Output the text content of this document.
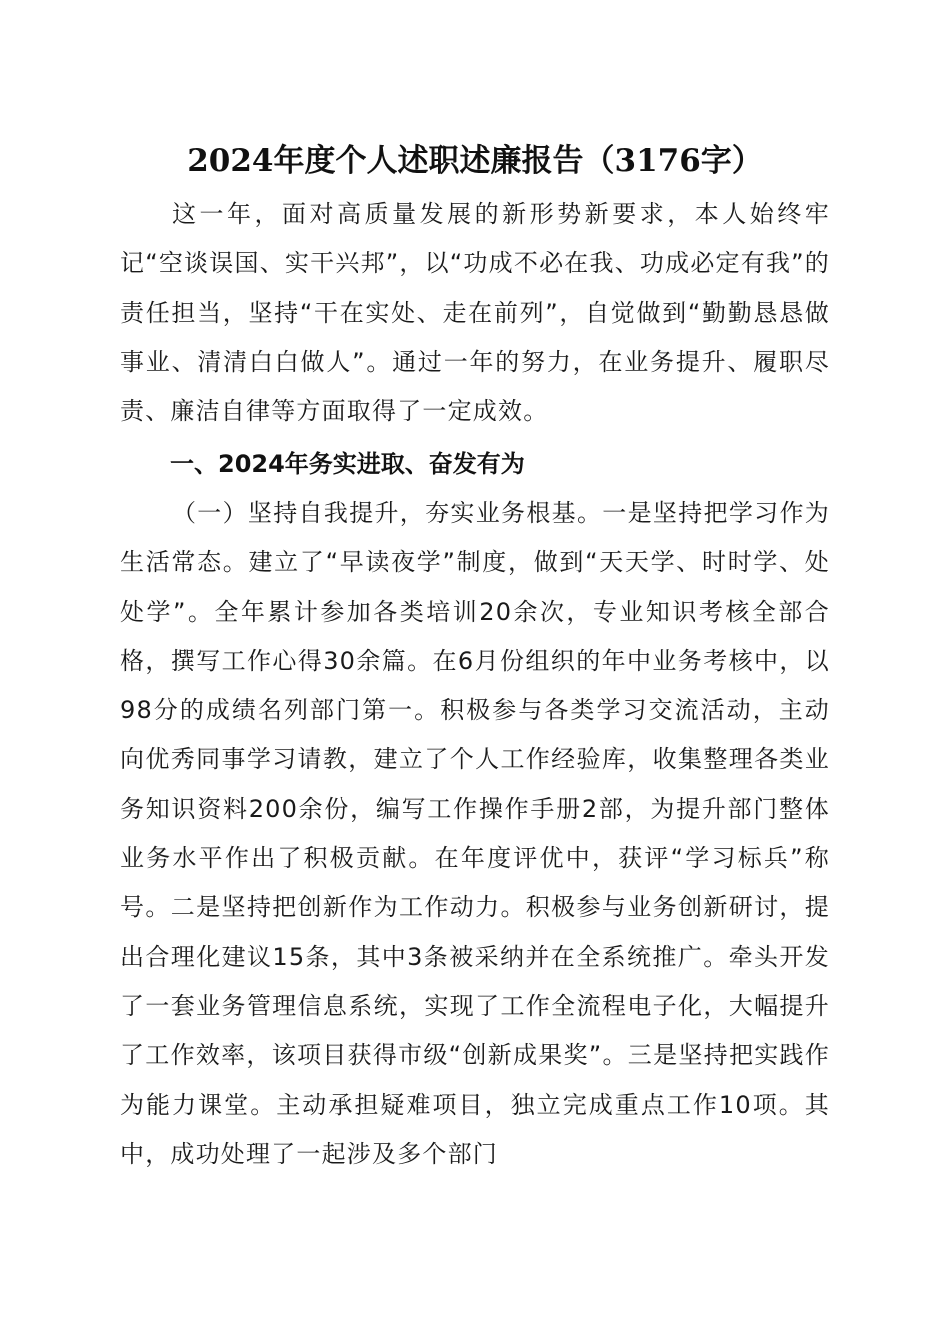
2024年度个人述职述廉报告（3176字）
这一年，面对高质量发展的新形势新要求，本人始终牢记“空谈误国、实干兴邦”，以“功成不必在我、功成必定有我”的责任担当，坚持“干在实处、走在前列”，自觉做到“勤勤恳恳做事业、清清白白做人”。通过一年的努力，在业务提升、履职尽责、廉洁自律等方面取得了一定成效。
一、2024年务实进取、奋发有为
（一）坚持自我提升，夯实业务根基。一是坚持把学习作为生活常态。建立了“早读夜学”制度，做到“天天学、时时学、处处学”。全年累计参加各类培训20余次，专业知识考核全部合格，撰写工作心得30余篇。在6月份组织的年中业务考核中，以98分的成绩名列部门第一。积极参与各类学习交流活动，主动向优秀同事学习请教，建立了个人工作经验库，收集整理各类业务知识资料200余份，编写工作操作手册2部，为提升部门整体业务水平作出了积极贡献。在年度评优中，获评“学习标兵”称号。二是坚持把创新作为工作动力。积极参与业务创新研讨，提出合理化建议15条，其中3条被采纳并在全系统推广。牵头开发了一套业务管理信息系统，实现了工作全流程电子化，大幅提升了工作效率，该项目获得市级“创新成果奖”。三是坚持把实践作为能力课堂。主动承担疑难项目，独立完成重点工作10项。其中，成功处理了一起涉及多个部门
